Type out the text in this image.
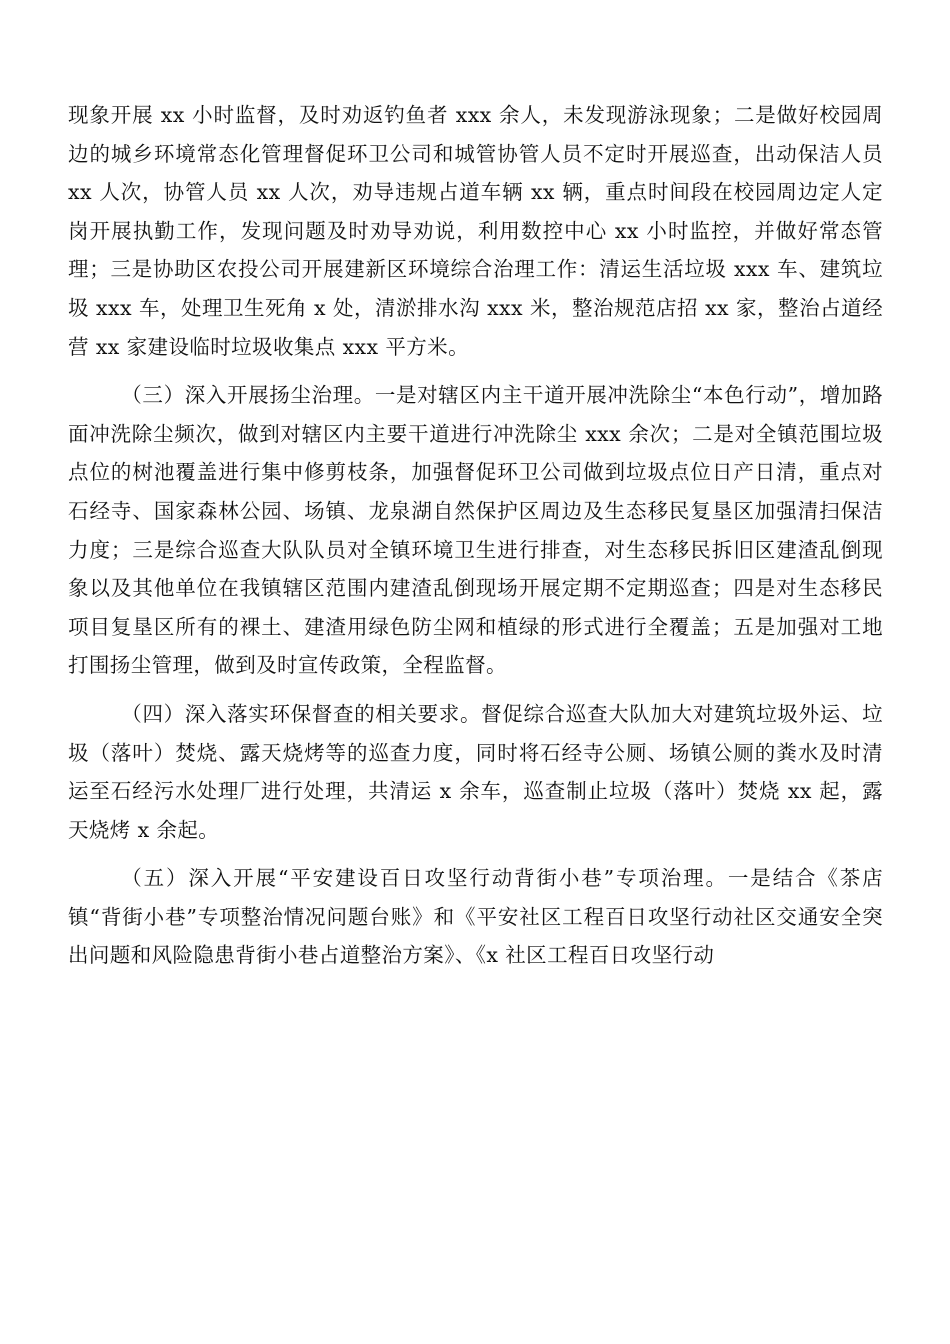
现象开展 xx 小时监督，及时劝返钓鱼者 xxx 余人，未发现游泳现象；二是做好校园周边的城乡环境常态化管理督促环卫公司和城管协管人员不定时开展巡查，出动保洁人员 xx 人次，协管人员 xx 人次，劝导违规占道车辆 xx 辆，重点时间段在校园周边定人定岗开展执勤工作，发现问题及时劝导劝说，利用数控中心 xx 小时监控，并做好常态管理；三是协助区农投公司开展建新区环境综合治理工作：清运生活垃圾 xxx 车、建筑垃圾 xxx 车，处理卫生死角 x 处，清淤排水沟 xxx 米，整治规范店招 xx 家，整治占道经营 xx 家建设临时垃圾收集点 xxx 平方米。

（三）深入开展扬尘治理。一是对辖区内主干道开展冲洗除尘“本色行动”，增加路面冲洗除尘频次，做到对辖区内主要干道进行冲洗除尘 xxx 余次；二是对全镇范围垃圾点位的树池覆盖进行集中修剪枝条，加强督促环卫公司做到垃圾点位日产日清，重点对石经寺、国家森林公园、场镇、龙泉湖自然保护区周边及生态移民复垦区加强清扫保洁力度；三是综合巡查大队队员对全镇环境卫生进行排查，对生态移民拆旧区建渣乱倒现象以及其他单位在我镇辖区范围内建渣乱倒现场开展定期不定期巡查；四是对生态移民项目复垦区所有的裸土、建渣用绿色防尘网和植绿的形式进行全覆盖；五是加强对工地打围扬尘管理，做到及时宣传政策，全程监督。

（四）深入落实环保督查的相关要求。督促综合巡查大队加大对建筑垃圾外运、垃圾（落叶）焚烧、露天烧烤等的巡查力度，同时将石经寺公厕、场镇公厕的粪水及时清运至石经污水处理厂进行处理，共清运 x 余车，巡查制止垃圾（落叶）焚烧 xx 起，露天烧烤 x 余起。

（五）深入开展“平安建设百日攻坚行动背街小巷”专项治理。一是结合《茶店镇“背街小巷”专项整治情况问题台账》和《平安社区工程百日攻坚行动社区交通安全突出问题和风险隐患背街小巷占道整治方案》、《x 社区工程百日攻坚行动
